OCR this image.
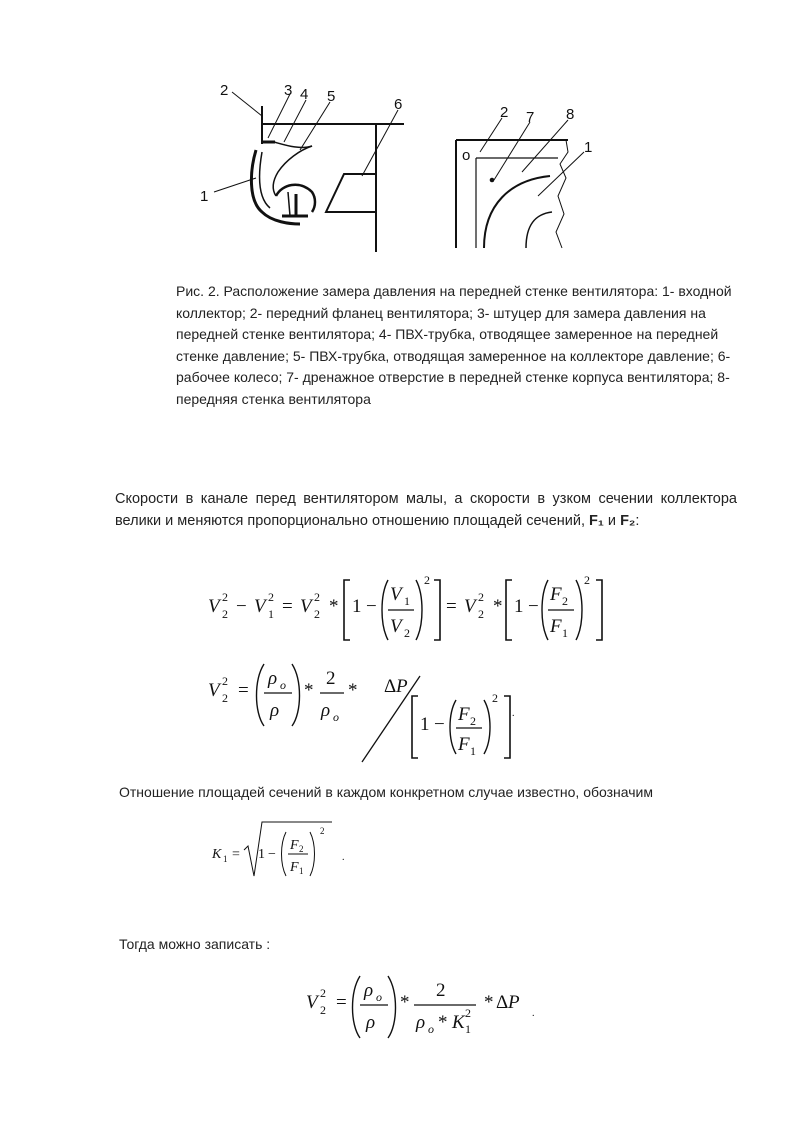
2	3 4 5	6
1
o
2 7 8
1
Рис. 2. Расположение замера давления на передней стенке вентилятора: 1- входной коллектор; 2- передний фланец вентилятора; 3- штуцер для замера давления на передней стенке вентилятора; 4- ПВХ-трубка, отводящее замеренное на передней стенке давление; 5- ПВХ-трубка, отводящая замеренное на коллекторе давление; 6- рабочее колесо; 7- дренажное отверстие в передней стенке корпуса вентилятора; 8- передняя стенка вентилятора
Скорости в канале перед вентилятором малы, а скорости в узком сечении коллектора велики и меняются пропорционально отношению площадей сечений, F₁ и F₂:
V 2
2 − V 1
2 = V 2
2 * 1 −
V 1
V 2
2
= V 2
2 * 1 −
F 2
F 1
2
V 2
2 =
ρ o
ρ
*
2
ρ o
* Δ P
1 − F 2
F 1
2
.
K 1 = 1 −
F 2
F 1
2
.
V 2
2 =
ρ o
ρ
*
2
ρ o * K 1
2 * Δ P
.
Отношение площадей сечений в каждом конкретном случае известно, обозначим
Тогда можно записать :
